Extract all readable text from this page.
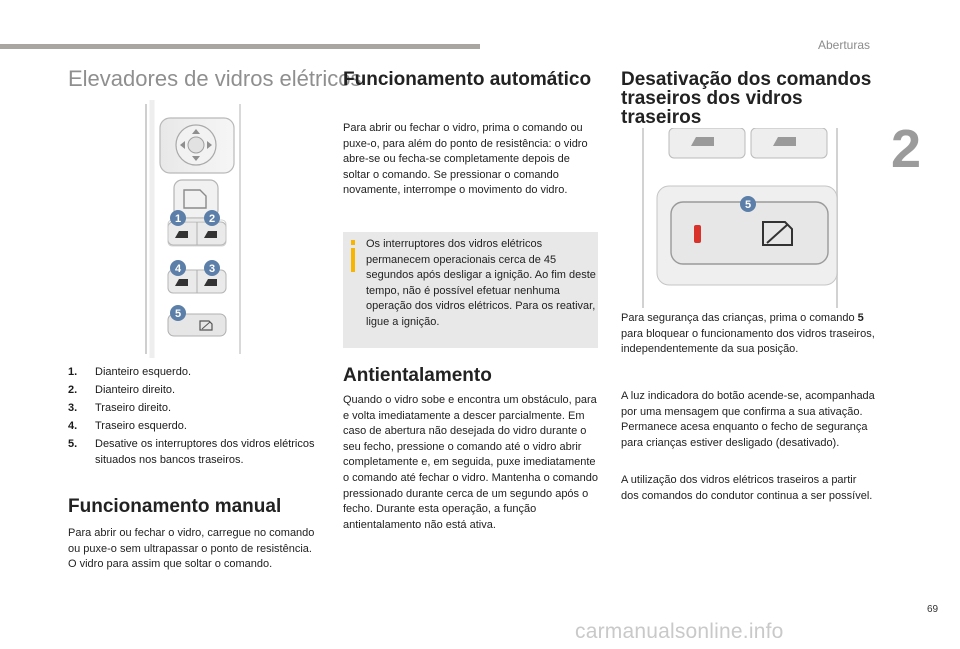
Aberturas
2
Elevadores de vidros elétricos
1	2
3
4
5
1.	Dianteiro esquerdo.
2.	Dianteiro direito.
3.	Traseiro direito.
4.	Traseiro esquerdo.
5.	Desative os interruptores dos vidros elétricos situados nos bancos traseiros.
Funcionamento manual
Para abrir ou fechar o vidro, carregue no comando ou puxe-o sem ultrapassar o ponto de resistência. O vidro para assim que soltar o comando.
Funcionamento automático
Para abrir ou fechar o vidro, prima o comando ou puxe-o, para além do ponto de resistência: o vidro abre-se ou fecha-se completamente depois de soltar o comando. Se pressionar o comando novamente, interrompe o movimento do vidro.
Os interruptores dos vidros elétricos permanecem operacionais cerca de 45 segundos após desligar a ignição. Ao fim deste tempo, não é possível efetuar nenhuma operação dos vidros elétricos. Para os reativar, ligue a ignição.
Antientalamento
Quando o vidro sobe e encontra um obstáculo, para e volta imediatamente a descer parcialmente. Em caso de abertura não desejada do vidro durante o seu fecho, pressione o comando até o vidro abrir completamente e, em seguida, puxe imediatamente o comando até fechar o vidro. Mantenha o comando pressionado durante cerca de um segundo após o fecho. Durante esta operação, a função antientalamento não está ativa.
Desativação dos comandos traseiros dos vidros traseiros
5
Para segurança das crianças, prima o comando 5 para bloquear o funcionamento dos vidros traseiros, independentemente da sua posição.
A luz indicadora do botão acende-se, acompanhada por uma mensagem que confirma a sua ativação. Permanece acesa enquanto o fecho de segurança para crianças estiver desligado (desativado).
A utilização dos vidros elétricos traseiros a partir dos comandos do condutor continua a ser possível.
69
carmanualsonline.info
